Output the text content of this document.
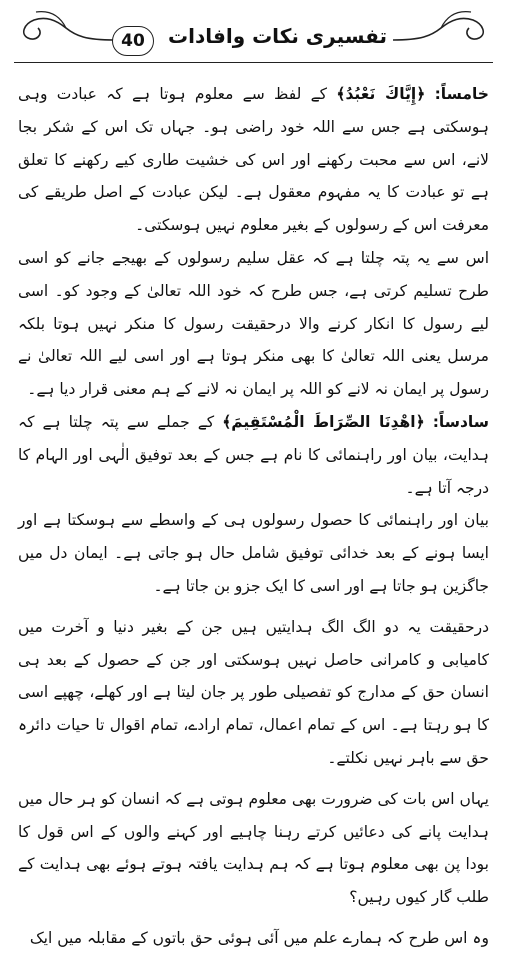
تفسیری نکات وافادات
40

خامساً: ﴿إِيَّاكَ نَعْبُدُ﴾ کے لفظ سے معلوم ہوتا ہے کہ عبادت وہی ہوسکتی ہے جس سے اللہ خود راضی ہو۔ جہاں تک اس کے شکر بجا لانے، اس سے محبت رکھنے اور اس کی خشیت طاری کیے رکھنے کا تعلق ہے تو عبادت کا یہ مفہوم معقول ہے۔ لیکن عبادت کے اصل طریقے کی معرفت اس کے رسولوں کے بغیر معلوم نہیں ہوسکتی۔

اس سے یہ پتہ چلتا ہے کہ عقل سلیم رسولوں کے بھیجے جانے کو اسی طرح تسلیم کرتی ہے، جس طرح کہ خود اللہ تعالیٰ کے وجود کو۔ اسی لیے رسول کا انکار کرنے والا درحقیقت رسول کا منکر نہیں ہوتا بلکہ مرسل یعنی اللہ تعالیٰ کا بھی منکر ہوتا ہے اور اسی لیے اللہ تعالیٰ نے رسول پر ایمان نہ لانے کو اللہ پر ایمان نہ لانے کے ہم معنی قرار دیا ہے۔

سادساً: ﴿اهْدِنَا الصِّرَاطَ الْمُسْتَقِيمَ﴾ کے جملے سے پتہ چلتا ہے کہ ہدایت، بیان اور راہنمائی کا نام ہے جس کے بعد توفیق الٰہی اور الہام کا درجہ آتا ہے۔

بیان اور راہنمائی کا حصول رسولوں ہی کے واسطے سے ہوسکتا ہے اور ایسا ہونے کے بعد خدائی توفیق شامل حال ہو جاتی ہے۔ ایمان دل میں جاگزین ہو جاتا ہے اور اسی کا ایک جزو بن جاتا ہے۔

درحقیقت یہ دو الگ الگ ہدایتیں ہیں جن کے بغیر دنیا و آخرت میں کامیابی و کامرانی حاصل نہیں ہوسکتی اور جن کے حصول کے بعد ہی انسان حق کے مدارج کو تفصیلی طور پر جان لیتا ہے اور کھلے، چھپے اسی کا ہو رہتا ہے۔ اس کے تمام اعمال، تمام ارادے، تمام اقوال تا حیات دائرہ حق سے باہر نہیں نکلتے۔

یہاں اس بات کی ضرورت بھی معلوم ہوتی ہے کہ انسان کو ہر حال میں ہدایت پانے کی دعائیں کرتے رہنا چاہیے اور کہنے والوں کے اس قول کا بودا پن بھی معلوم ہوتا ہے کہ ہم ہدایت یافتہ ہوتے ہوئے بھی ہدایت کے طلب گار کیوں رہیں؟

وہ اس طرح کہ ہمارے علم میں آئی ہوئی حق باتوں کے مقابلہ میں ایک
